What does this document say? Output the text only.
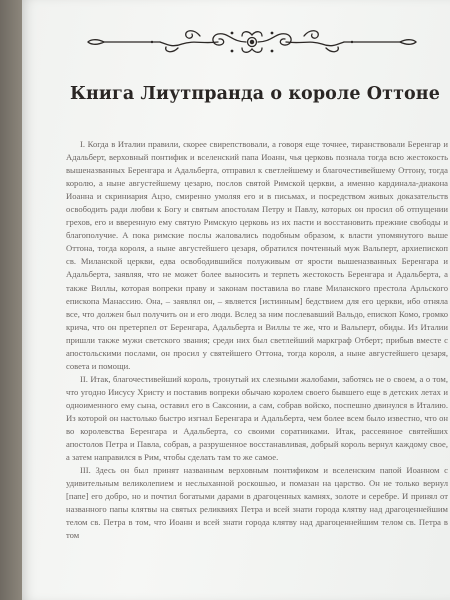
Книга Лиутпранда о короле Оттоне

I. Когда в Италии правили, скорее свирепствовали, а говоря еще точнее, тиранствовали Беренгар и Адальберт, верховный понтифик и вселенский папа Иоанн, чья церковь познала тогда всю жестокость вышеназванных Беренгара и Адальберта, отправил к светлейшему и благочестивейшему Оттону, тогда королю, а ныне августейшему цезарю, послов святой Римской церкви, а именно кардинала-диакона Иоанна и скриниария Ацзо, смиренно умоляя его и в письмах, и посредством живых доказательств освободить ради любви к Богу и святым апостолам Петру и Павлу, которых он просил об отпущении грехов, его и вверенную ему святую Римскую церковь из их пасти и восстановить прежние свободы и благополучие. А пока римские послы жаловались подобным образом, к власти упомянутого выше Оттона, тогда короля, а ныне августейшего цезаря, обратился почтенный муж Вальперт, архиепископ св. Миланской церкви, едва освободившийся полуживым от ярости вышеназванных Беренгара и Адальберта, заявляя, что не может более выносить и терпеть жестокость Беренгара и Адальберта, а также Виллы, которая вопреки праву и законам поставила во главе Миланского престола Арльского епископа Манассию. Она, – заявлял он, – является [истинным] бедствием для его церкви, ибо отняла все, что должен был получить он и его люди. Вслед за ним послевавший Вальдо, епископ Комо, громко крича, что он претерпел от Беренгара, Адальберта и Виллы те же, что и Вальперт, обиды. Из Италии пришли также мужи светского звания; среди них был светлейший маркграф Отберт; прибыв вместе с апостольскими послами, он просил у святейшего Оттона, тогда короля, а ныне августейшего цезаря, совета и помощи.

II. Итак, благочестивейший король, тронутый их слезными жалобами, заботясь не о своем, а о том, что угодно Иисусу Христу и поставив вопреки обычаю королем своего бывшего еще в детских летах и одноименного ему сына, оставил его в Саксонии, а сам, собрав войско, поспешно двинулся в Италию. Из которой он настолько быстро изгнал Беренгара и Адальберта, чем более всем было известно, что он во королевства Беренгара и Адальберта, со своими соратниками. Итак, рассеянное святейших апостолов Петра и Павла, собрав, а разрушенное восстанавливая, добрый король вернул каждому свое, а затем направился в Рим, чтобы сделать там то же самое.

III. Здесь он был принят названным верховным понтификом и вселенским папой Иоанном с удивительным великолепием и неслыханной роскошью, и помазан на царство. Он не только вернул [папе] его добро, но и почтил богатыми дарами в драгоценных камнях, золоте и серебре. И принял от названного папы клятвы на святых реликвиях Петра и всей знати города клятву над драгоценнейшим телом св. Петра в том, что Иоанн и всей знати города клятву над драгоценнейшим телом св. Петра в том
